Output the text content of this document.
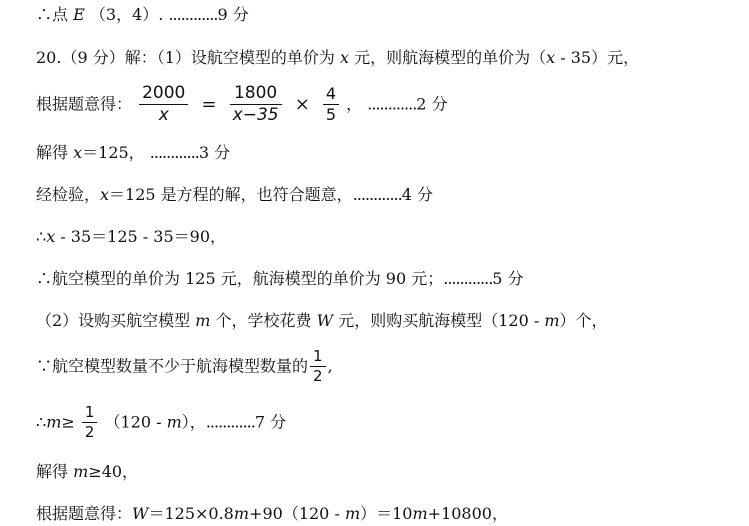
∴点 E （3，4）. ............9 分
20.（9 分）解：（1）设航空模型的单价为 x 元，则航海模型的单价为（x - 35）元，
根据题意得： $\frac{2000}{x} = \frac{1800}{x-35} \times \frac{4}{5}$ ， ............2 分
解得 x＝125， ............3 分
经检验，x＝125 是方程的解，也符合题意，............4 分
∴x - 35＝125 - 35＝90，
∴航空模型的单价为 125 元，航海模型的单价为 90 元；............5 分
（2）设购买航空模型 m 个，学校花费 W 元，则购买航海模型（120 - m）个，
∵航空模型数量不少于航海模型数量的 $\frac{1}{2}$ ,
∴m≥ $\frac{1}{2} (120 - m)$，............7 分
解得 m≥40，
根据题意得：W＝125×0.8m+90（120 - m）＝10m+10800，
